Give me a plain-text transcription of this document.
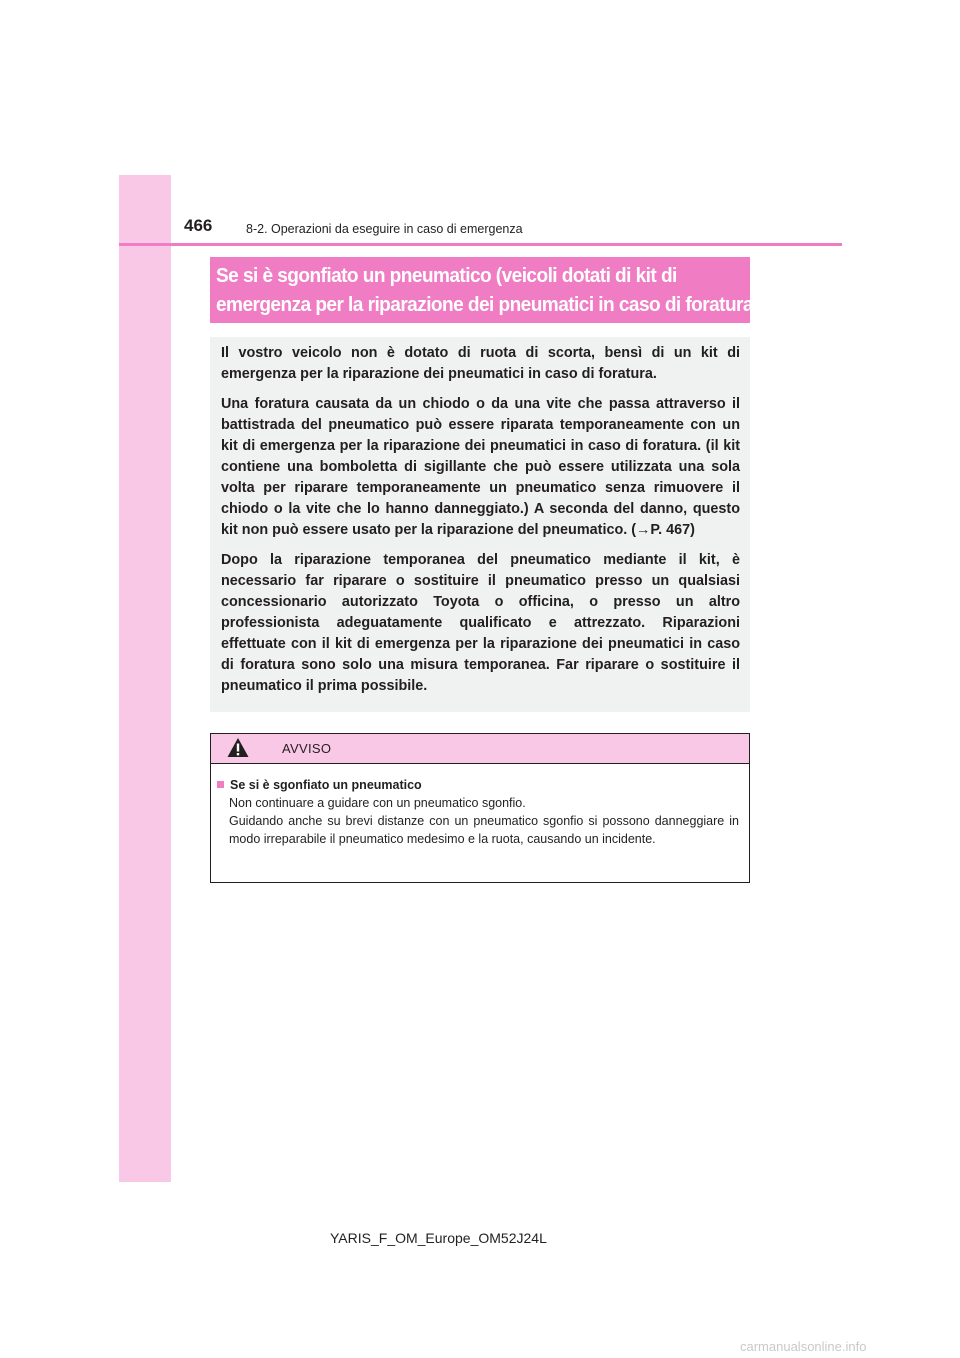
466	8-2. Operazioni da eseguire in caso di emergenza
Se si è sgonfiato un pneumatico (veicoli dotati di kit di
emergenza per la riparazione dei pneumatici in caso di foratura)

Il vostro veicolo non è dotato di ruota di scorta, bensì di un kit di emergenza per la riparazione dei pneumatici in caso di foratura.

Una foratura causata da un chiodo o da una vite che passa attraverso il battistrada del pneumatico può essere riparata temporaneamente con un kit di emergenza per la riparazione dei pneumatici in caso di foratura. (il kit contiene una bomboletta di sigillante che può essere utilizzata una sola volta per riparare temporaneamente un pneumatico senza rimuovere il chiodo o la vite che lo hanno danneggiato.) A seconda del danno, questo kit non può essere usato per la riparazione del pneumatico. (→P. 467)

Dopo la riparazione temporanea del pneumatico mediante il kit, è necessario far riparare o sostituire il pneumatico presso un qualsiasi concessionario autorizzato Toyota o officina, o presso un altro professionista adeguatamente qualificato e attrezzato. Riparazioni effettuate con il kit di emergenza per la riparazione dei pneumatici in caso di foratura sono solo una misura temporanea. Far riparare o sostituire il pneumatico il prima possibile.

AVVISO
Se si è sgonfiato un pneumatico

Non continuare a guidare con un pneumatico sgonfio.

Guidando anche su brevi distanze con un pneumatico sgonfio si possono danneggiare in modo irreparabile il pneumatico medesimo e la ruota, causando un incidente.

YARIS_F_OM_Europe_OM52J24L
carmanualsonline.info
